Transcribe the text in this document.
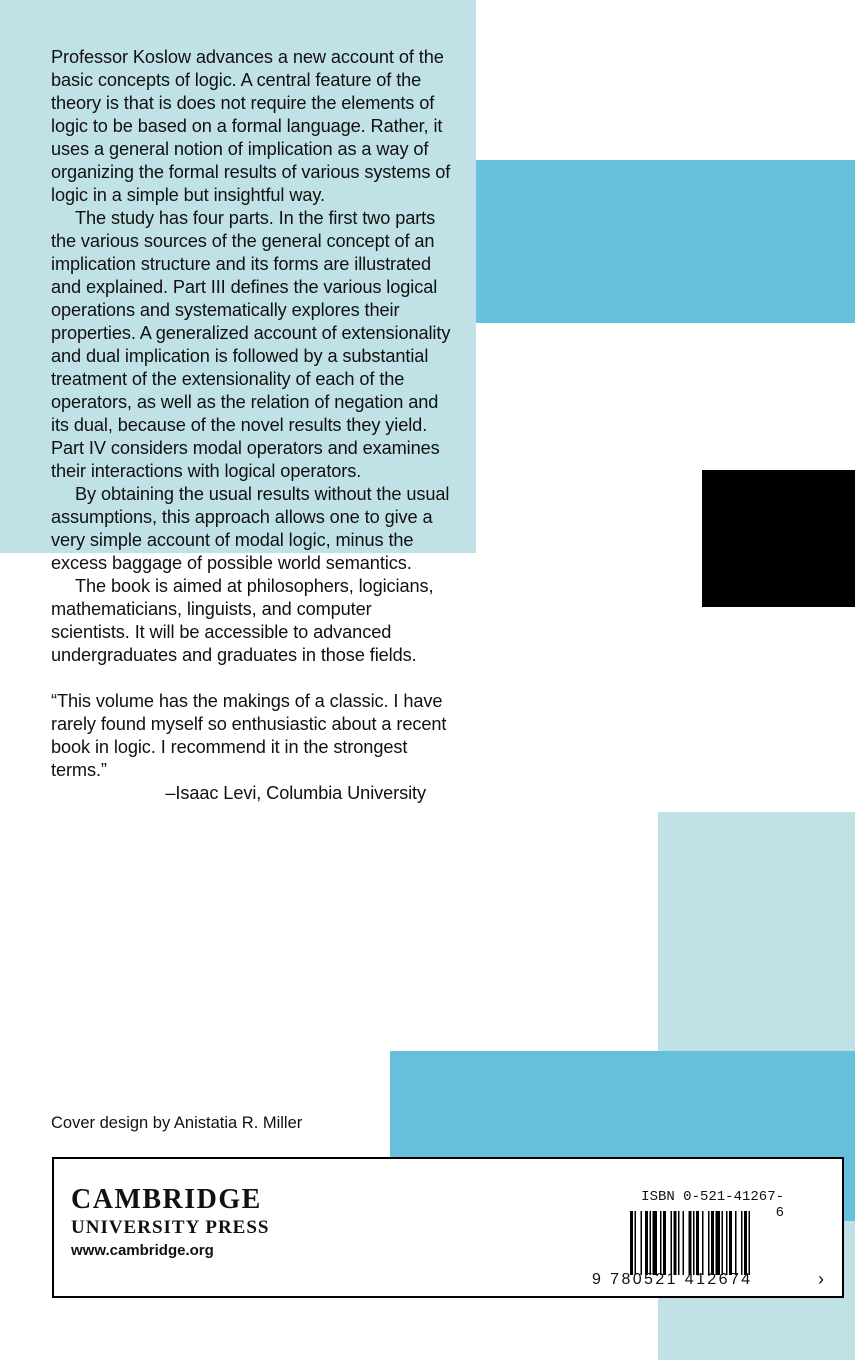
Professor Koslow advances a new account of the basic concepts of logic. A central feature of the theory is that is does not require the elements of logic to be based on a formal language. Rather, it uses a general notion of implication as a way of organizing the formal results of various systems of logic in a simple but insightful way.

The study has four parts. In the first two parts the various sources of the general concept of an implication structure and its forms are illustrated and explained. Part III defines the various logical operations and systematically explores their properties. A generalized account of extensionality and dual implication is followed by a substantial treatment of the extensionality of each of the operators, as well as the relation of negation and its dual, because of the novel results they yield. Part IV considers modal operators and examines their interactions with logical operators.

By obtaining the usual results without the usual assumptions, this approach allows one to give a very simple account of modal logic, minus the excess baggage of possible world semantics.

The book is aimed at philosophers, logicians, mathematicians, linguists, and computer scientists. It will be accessible to advanced undergraduates and graduates in those fields.

“This volume has the makings of a classic. I have rarely found myself so enthusiastic about a recent book in logic. I recommend it in the strongest terms.”
–Isaac Levi, Columbia University
Cover design by Anistatia R. Miller
CAMBRIDGE
UNIVERSITY PRESS
www.cambridge.org
ISBN 0-521-41267-6
9 780521 412674	›
